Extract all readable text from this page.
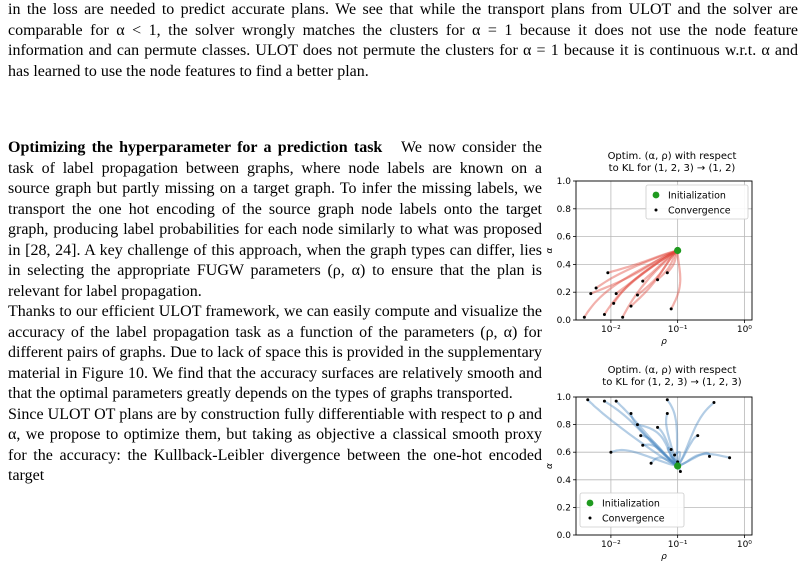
in the loss are needed to predict accurate plans. We see that while the transport plans from ULOT and the solver are comparable for α < 1, the solver wrongly matches the clusters for α = 1 because it does not use the node feature information and can permute classes. ULOT does not permute the clusters for α = 1 because it is continuous w.r.t. α and has learned to use the node features to find a better plan.

Optimizing the hyperparameter for a prediction task We now consider the task of label propagation between graphs, where node labels are known on a source graph but partly missing on a target graph. To infer the missing labels, we transport the one hot encoding of the source graph node labels onto the target graph, producing label probabilities for each node similarly to what was proposed in [28, 24]. A key challenge of this approach, when the graph types can differ, lies in selecting the appropriate FUGW parameters (ρ, α) to ensure that the plan is relevant for label propagation.
Thanks to our efficient ULOT framework, we can easily compute and visualize the accuracy of the label propagation task as a function of the parameters (ρ, α) for different pairs of graphs. Due to lack of space this is provided in the supplementary material in Figure 10. We find that the accuracy surfaces are relatively smooth and that the optimal parameters greatly depends on the types of graphs transported.
Since ULOT OT plans are by construction fully differentiable with respect to ρ and α, we propose to optimize them, but taking as objective a classical smooth proxy for the accuracy: the Kullback-Leibler divergence between the one-hot encoded target
Optim. (α, ρ) with respect
to KL for (1, 2, 3) → (1, 2)
0.0
0.2
0.4
0.6
0.8
1.0
10⁻²	10⁻¹	10⁰
ρ
α
Initialization
Convergence
Optim. (α, ρ) with respect
to KL for (1, 2, 3) → (1, 2, 3)
0.0
0.2
0.4
0.6
0.8
1.0
10⁻²	10⁻¹	10⁰
ρ
α
Initialization
Convergence
